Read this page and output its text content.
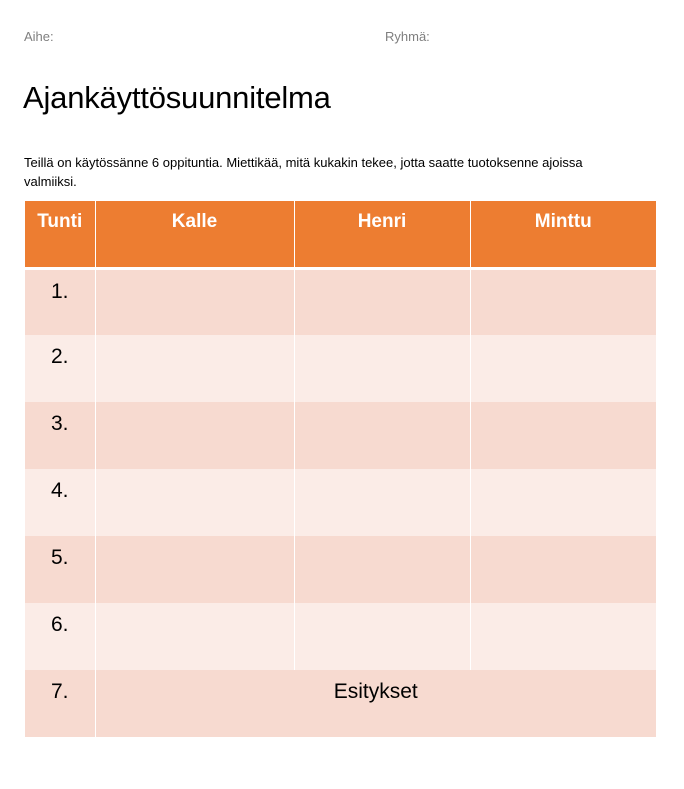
Aihe:	Ryhmä:
Ajankäyttösuunnitelma

Teillä on käytössänne 6 oppituntia. Miettikää, mitä kukakin tekee, jotta saatte tuotoksenne ajoissa valmiiksi.

Tunti	Kalle	Henri	Minttu
1.			
2.			
3.			
4.			
5.			
6.			
7.	Esitykset		
